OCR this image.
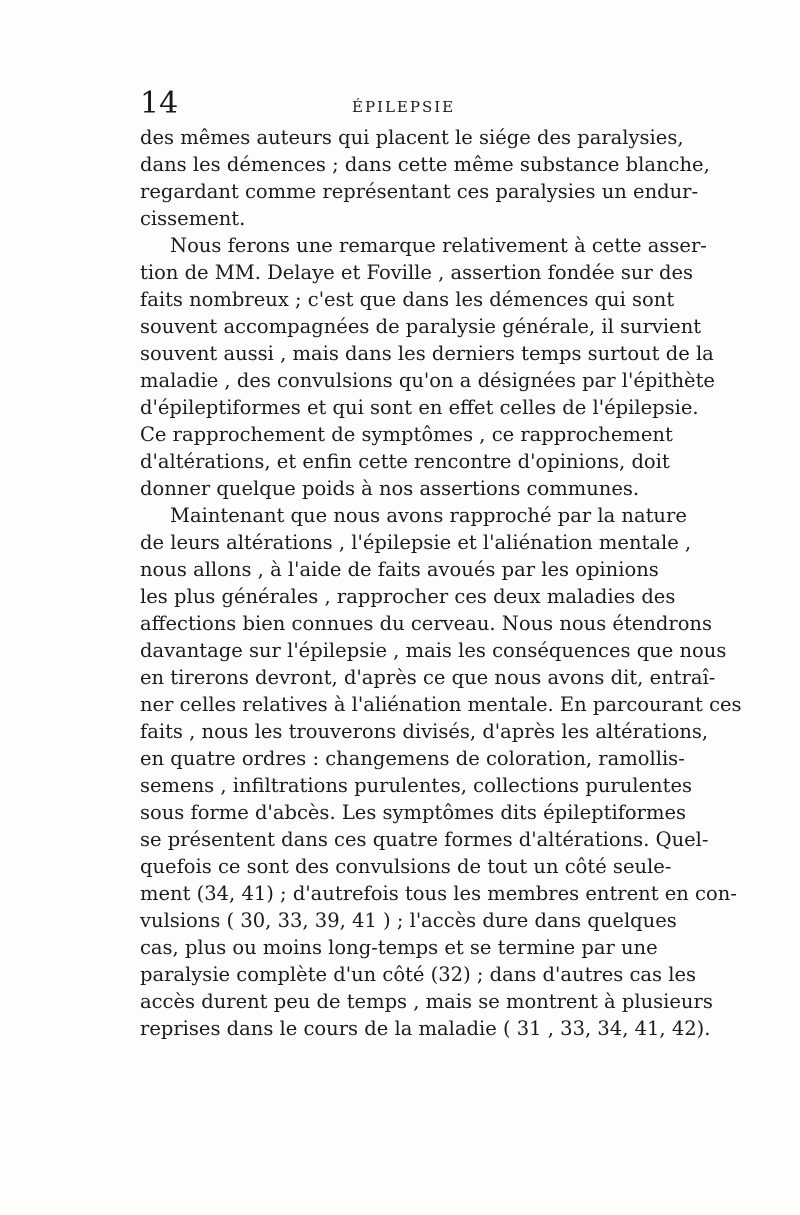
14	ÉPILEPSIE
des mêmes auteurs qui placent le siége des paralysies,
dans les démences ; dans cette même substance blanche,
regardant comme représentant ces paralysies un endur-
cissement.
Nous ferons une remarque relativement à cette asser-
tion de MM. Delaye et Foville , assertion fondée sur des
faits nombreux ; c'est que dans les démences qui sont
souvent accompagnées de paralysie générale, il survient
souvent aussi , mais dans les derniers temps surtout de la
maladie , des convulsions qu'on a désignées par l'épithète
d'épileptiformes et qui sont en effet celles de l'épilepsie.
Ce rapprochement de symptômes , ce rapprochement
d'altérations, et enfin cette rencontre d'opinions, doit
donner quelque poids à nos assertions communes.
Maintenant que nous avons rapproché par la nature
de leurs altérations , l'épilepsie et l'aliénation mentale ,
nous allons , à l'aide de faits avoués par les opinions
les plus générales , rapprocher ces deux maladies des
affections bien connues du cerveau. Nous nous étendrons
davantage sur l'épilepsie , mais les conséquences que nous
en tirerons devront, d'après ce que nous avons dit, entraî-
ner celles relatives à l'aliénation mentale. En parcourant ces
faits , nous les trouverons divisés, d'après les altérations,
en quatre ordres : changemens de coloration, ramollis-
semens , infiltrations purulentes, collections purulentes
sous forme d'abcès. Les symptômes dits épileptiformes
se présentent dans ces quatre formes d'altérations. Quel-
quefois ce sont des convulsions de tout un côté seule-
ment (34, 41) ; d'autrefois tous les membres entrent en con-
vulsions ( 30, 33, 39, 41 ) ; l'accès dure dans quelques
cas, plus ou moins long-temps et se termine par une
paralysie complète d'un côté (32) ; dans d'autres cas les
accès durent peu de temps , mais se montrent à plusieurs
reprises dans le cours de la maladie ( 31 , 33, 34, 41, 42).
